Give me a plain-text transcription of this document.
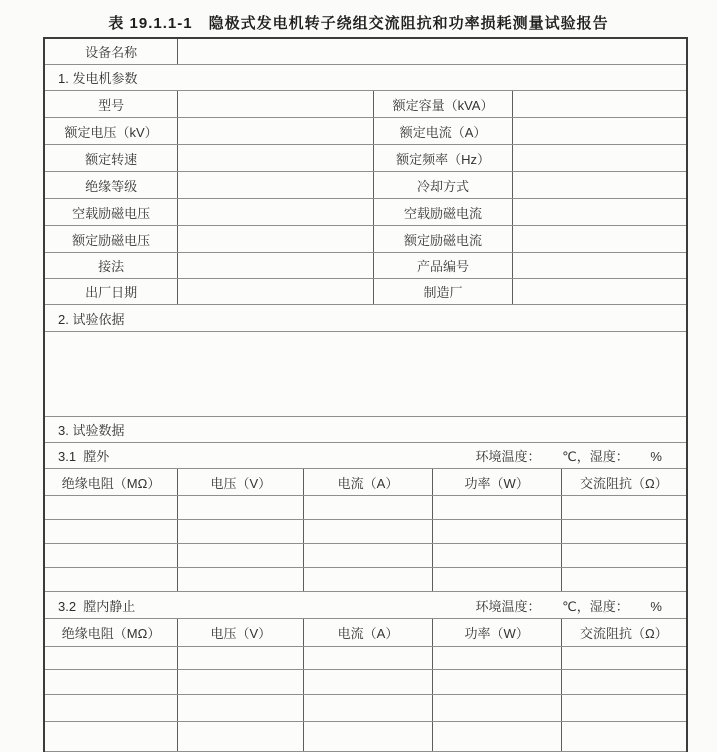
表 19.1.1-1　隐极式发电机转子绕组交流阻抗和功率损耗测量试验报告
设备名称
1. 发电机参数
型号	额定容量（kVA）
额定电压（kV）	额定电流（A）
额定转速	额定频率（Hz）
绝缘等级	冷却方式
空载励磁电压	空载励磁电流
额定励磁电压	额定励磁电流
接法	产品编号
出厂日期	制造厂
2. 试验依据
3. 试验数据
3.1  膛外	环境温度：      ℃，湿度：      %
绝缘电阻（MΩ）	电压（V）	电流（A）	功率（W）	交流阻抗（Ω）
3.2  膛内静止	环境温度：      ℃，湿度：      %
绝缘电阻（MΩ）	电压（V）	电流（A）	功率（W）	交流阻抗（Ω）
